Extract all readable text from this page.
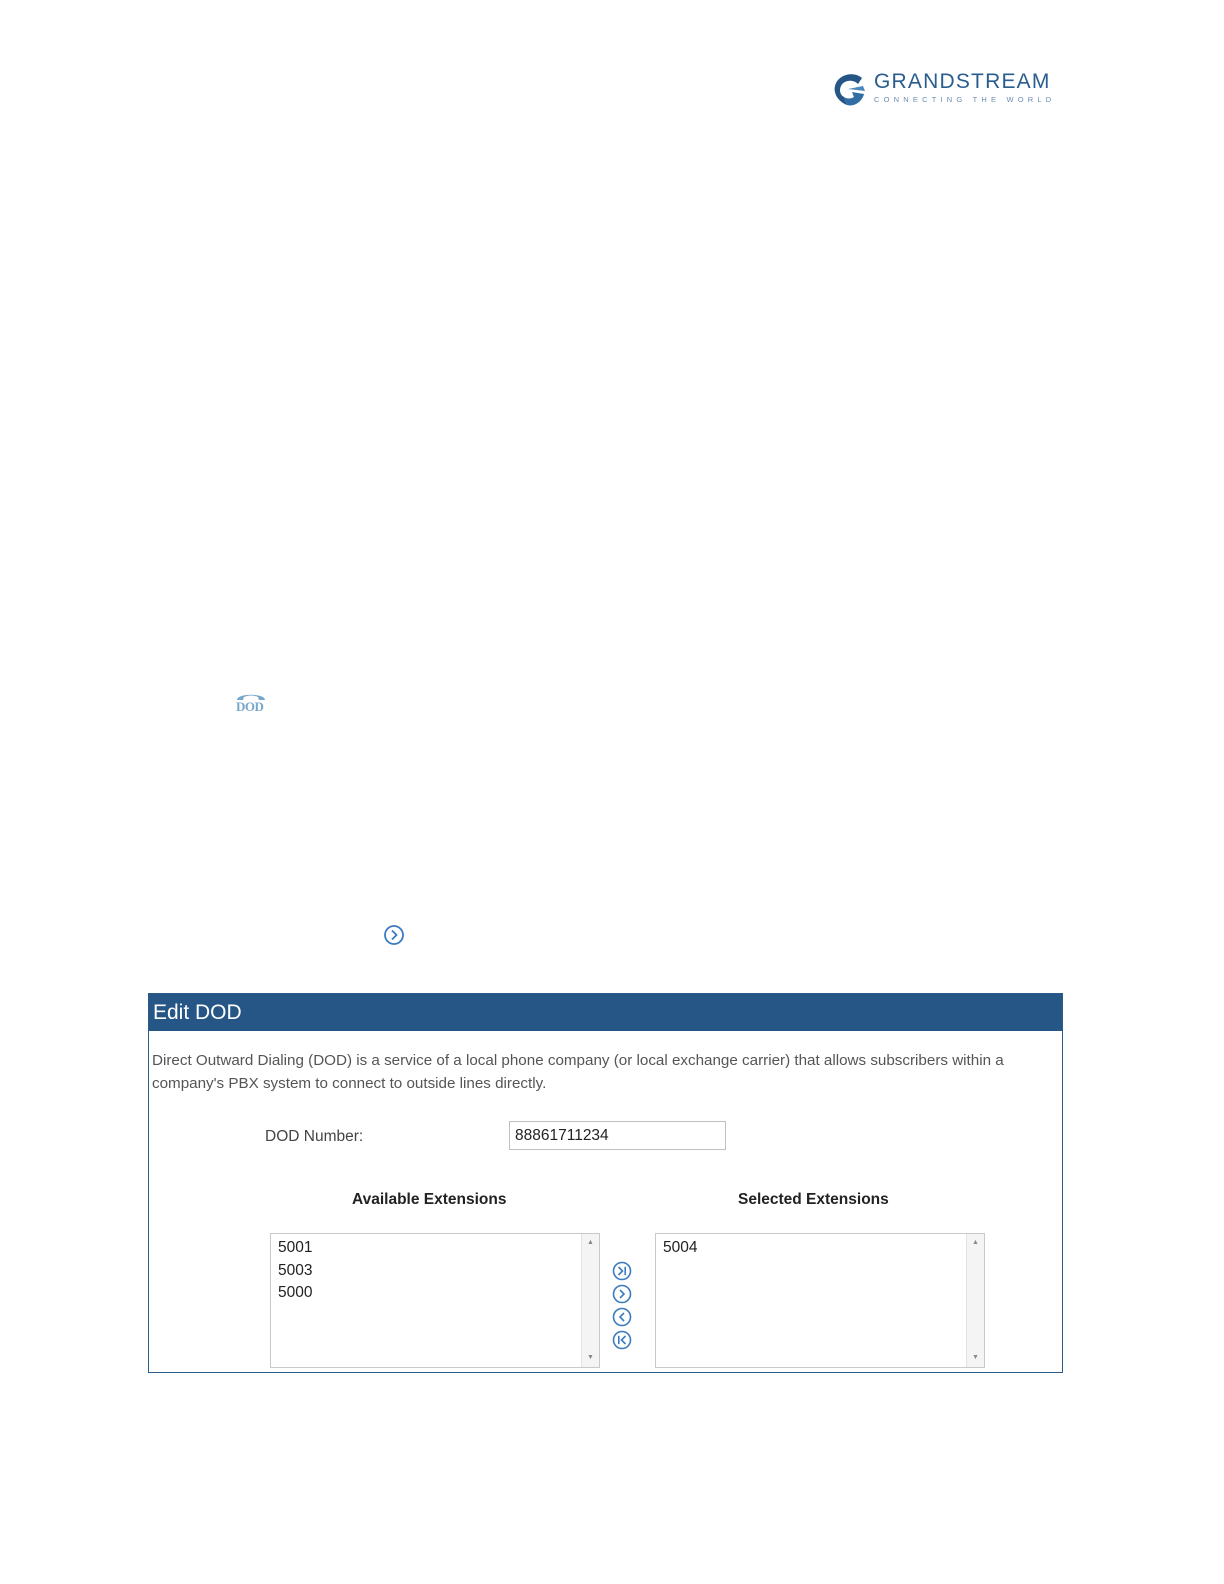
GRANDSTREAM
CONNECTING THE WORLD
DOD
Edit DOD
Direct Outward Dialing (DOD) is a service of a local phone company (or local exchange carrier) that allows subscribers within a company's PBX system to connect to outside lines directly.
DOD Number:
88861711234
Available Extensions	Selected Extensions
5001
5003
5000
▲
▼
5004	▲
▼
